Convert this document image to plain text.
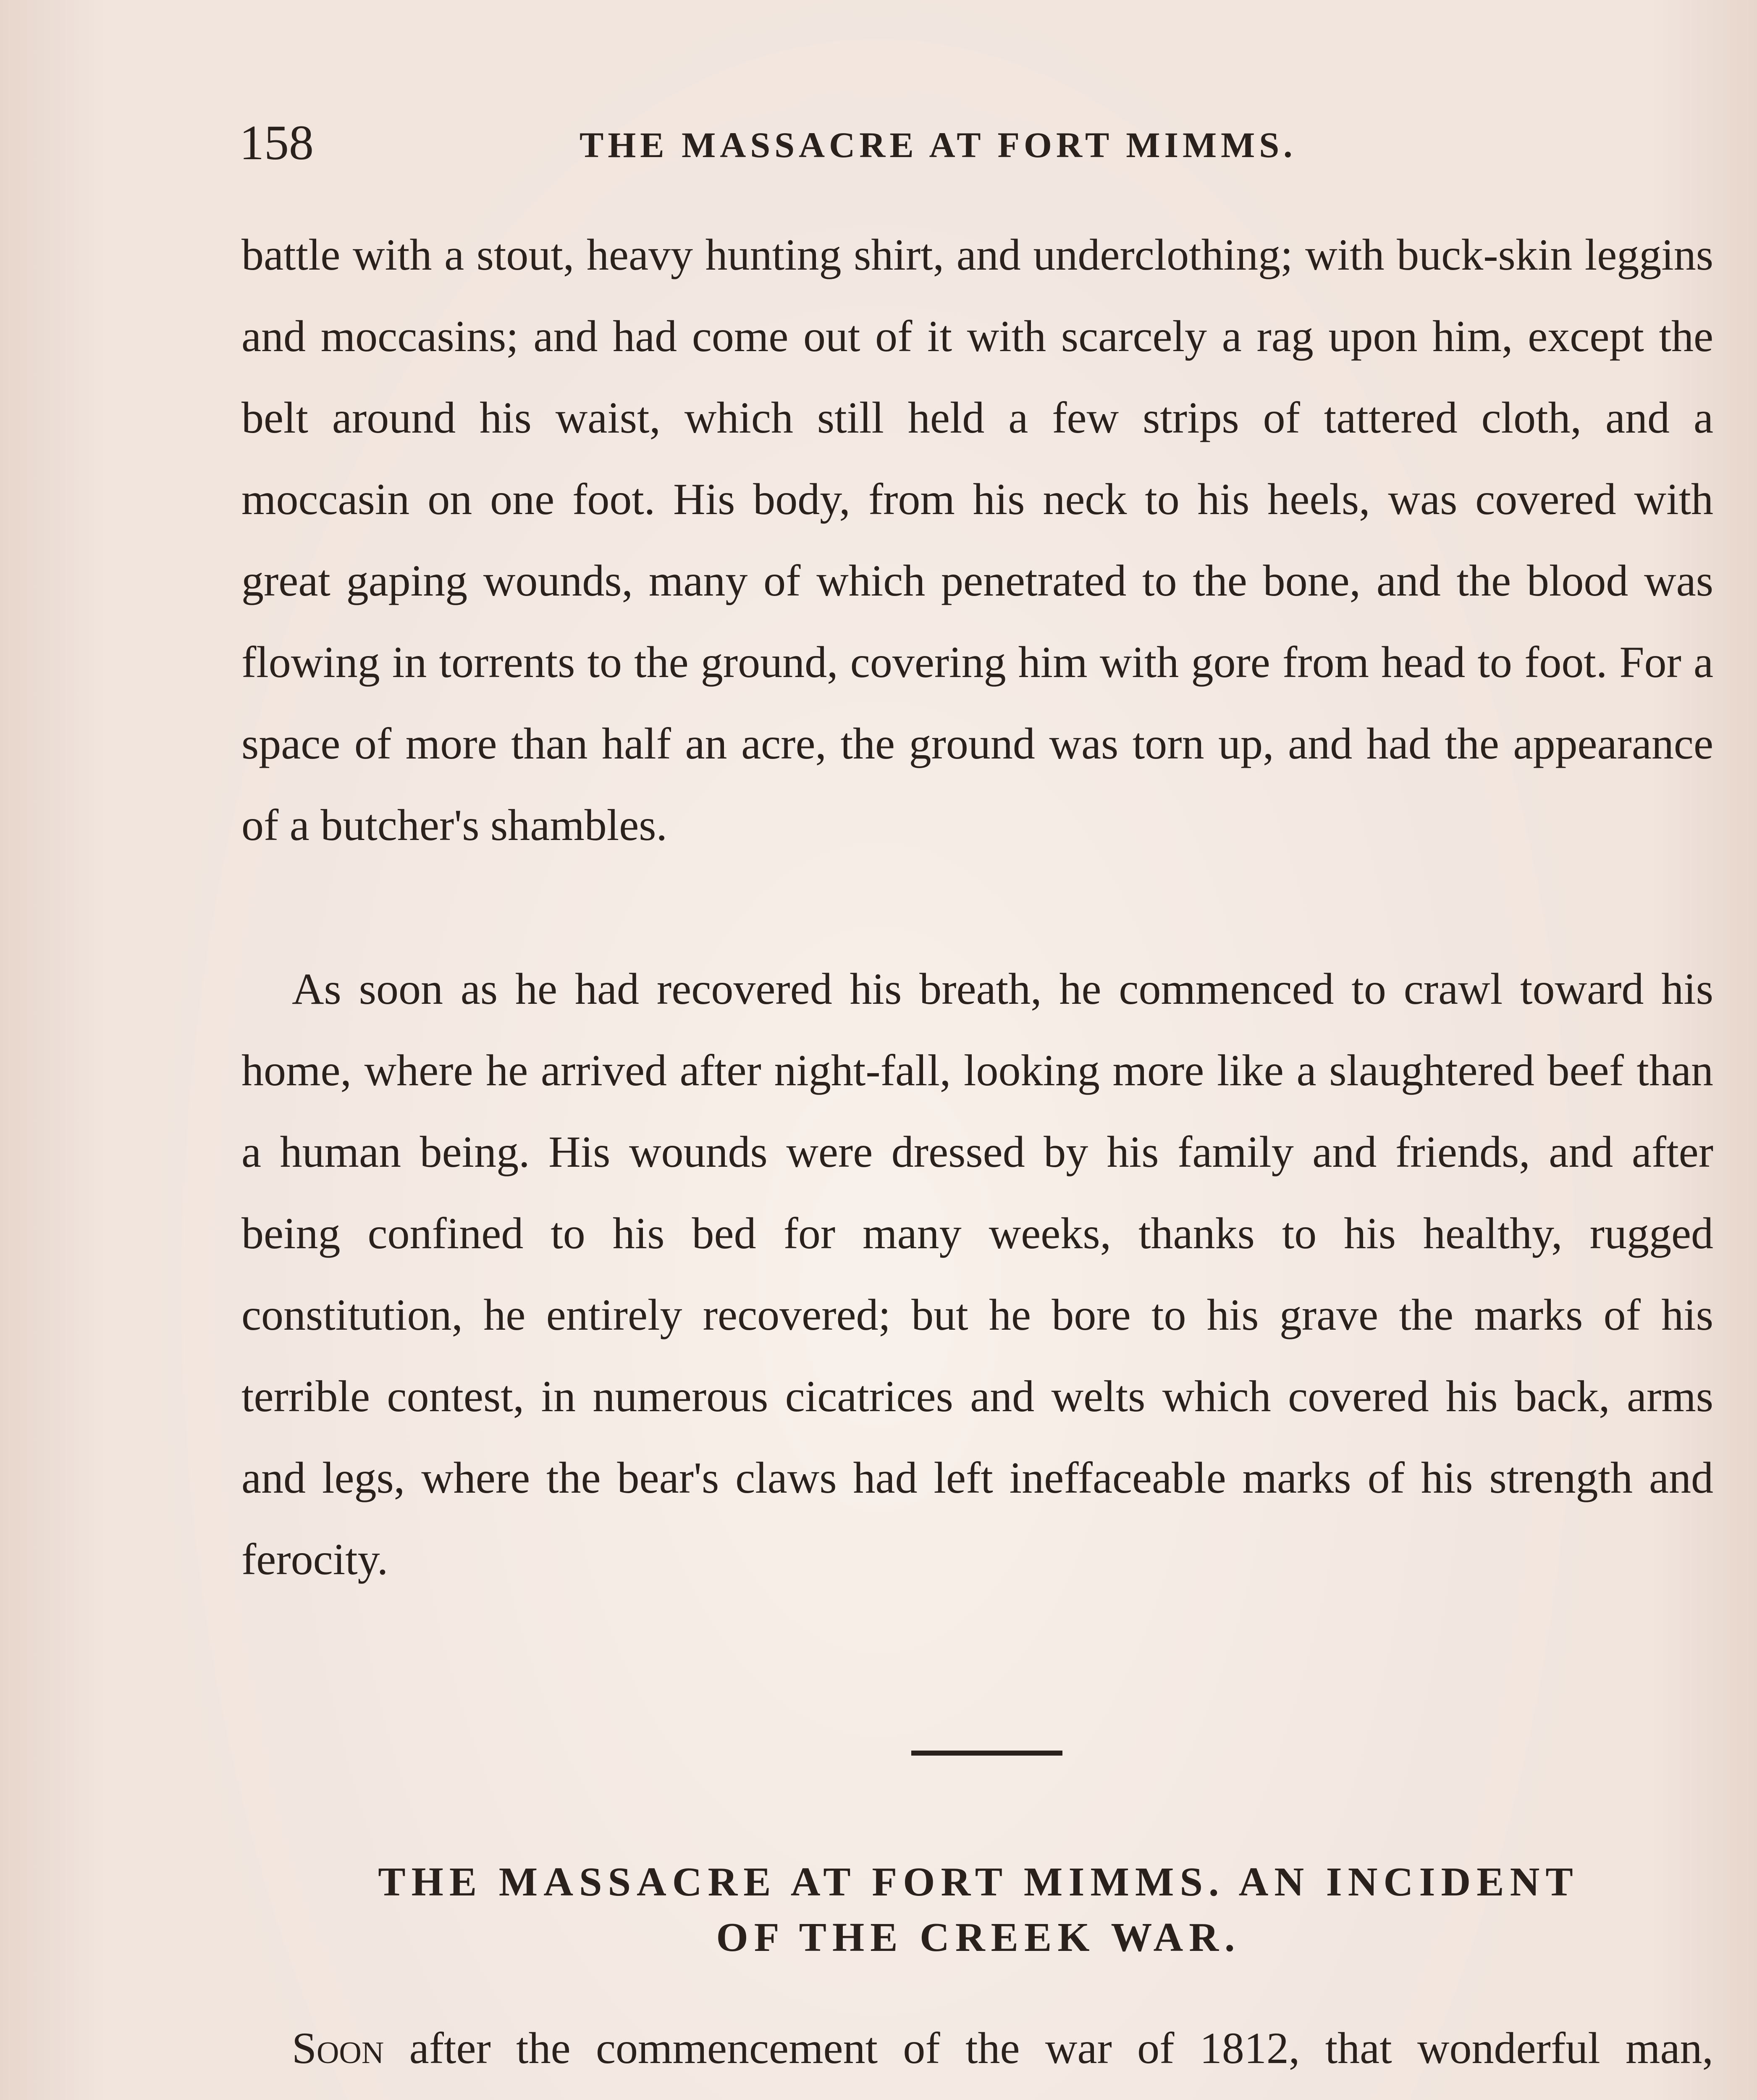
158	THE MASSACRE AT FORT MIMMS.

battle with a stout, heavy hunting shirt, and underclothing; with buck-skin leggins and moccasins; and had come out of it with scarcely a rag upon him, except the belt around his waist, which still held a few strips of tattered cloth, and a moccasin on one foot. His body, from his neck to his heels, was covered with great gaping wounds, many of which penetrated to the bone, and the blood was flowing in torrents to the ground, covering him with gore from head to foot. For a space of more than half an acre, the ground was torn up, and had the appearance of a butcher's shambles.

As soon as he had recovered his breath, he commenced to crawl toward his home, where he arrived after night-fall, looking more like a slaughtered beef than a human being. His wounds were dressed by his family and friends, and after being confined to his bed for many weeks, thanks to his healthy, rugged constitution, he entirely recovered; but he bore to his grave the marks of his terrible contest, in numerous cicatrices and welts which covered his back, arms and legs, where the bear's claws had left ineffaceable marks of his strength and ferocity.

THE MASSACRE AT FORT MIMMS. AN INCIDENT
OF THE CREEK WAR.

Soon after the commencement of the war of 1812, that wonderful man,
